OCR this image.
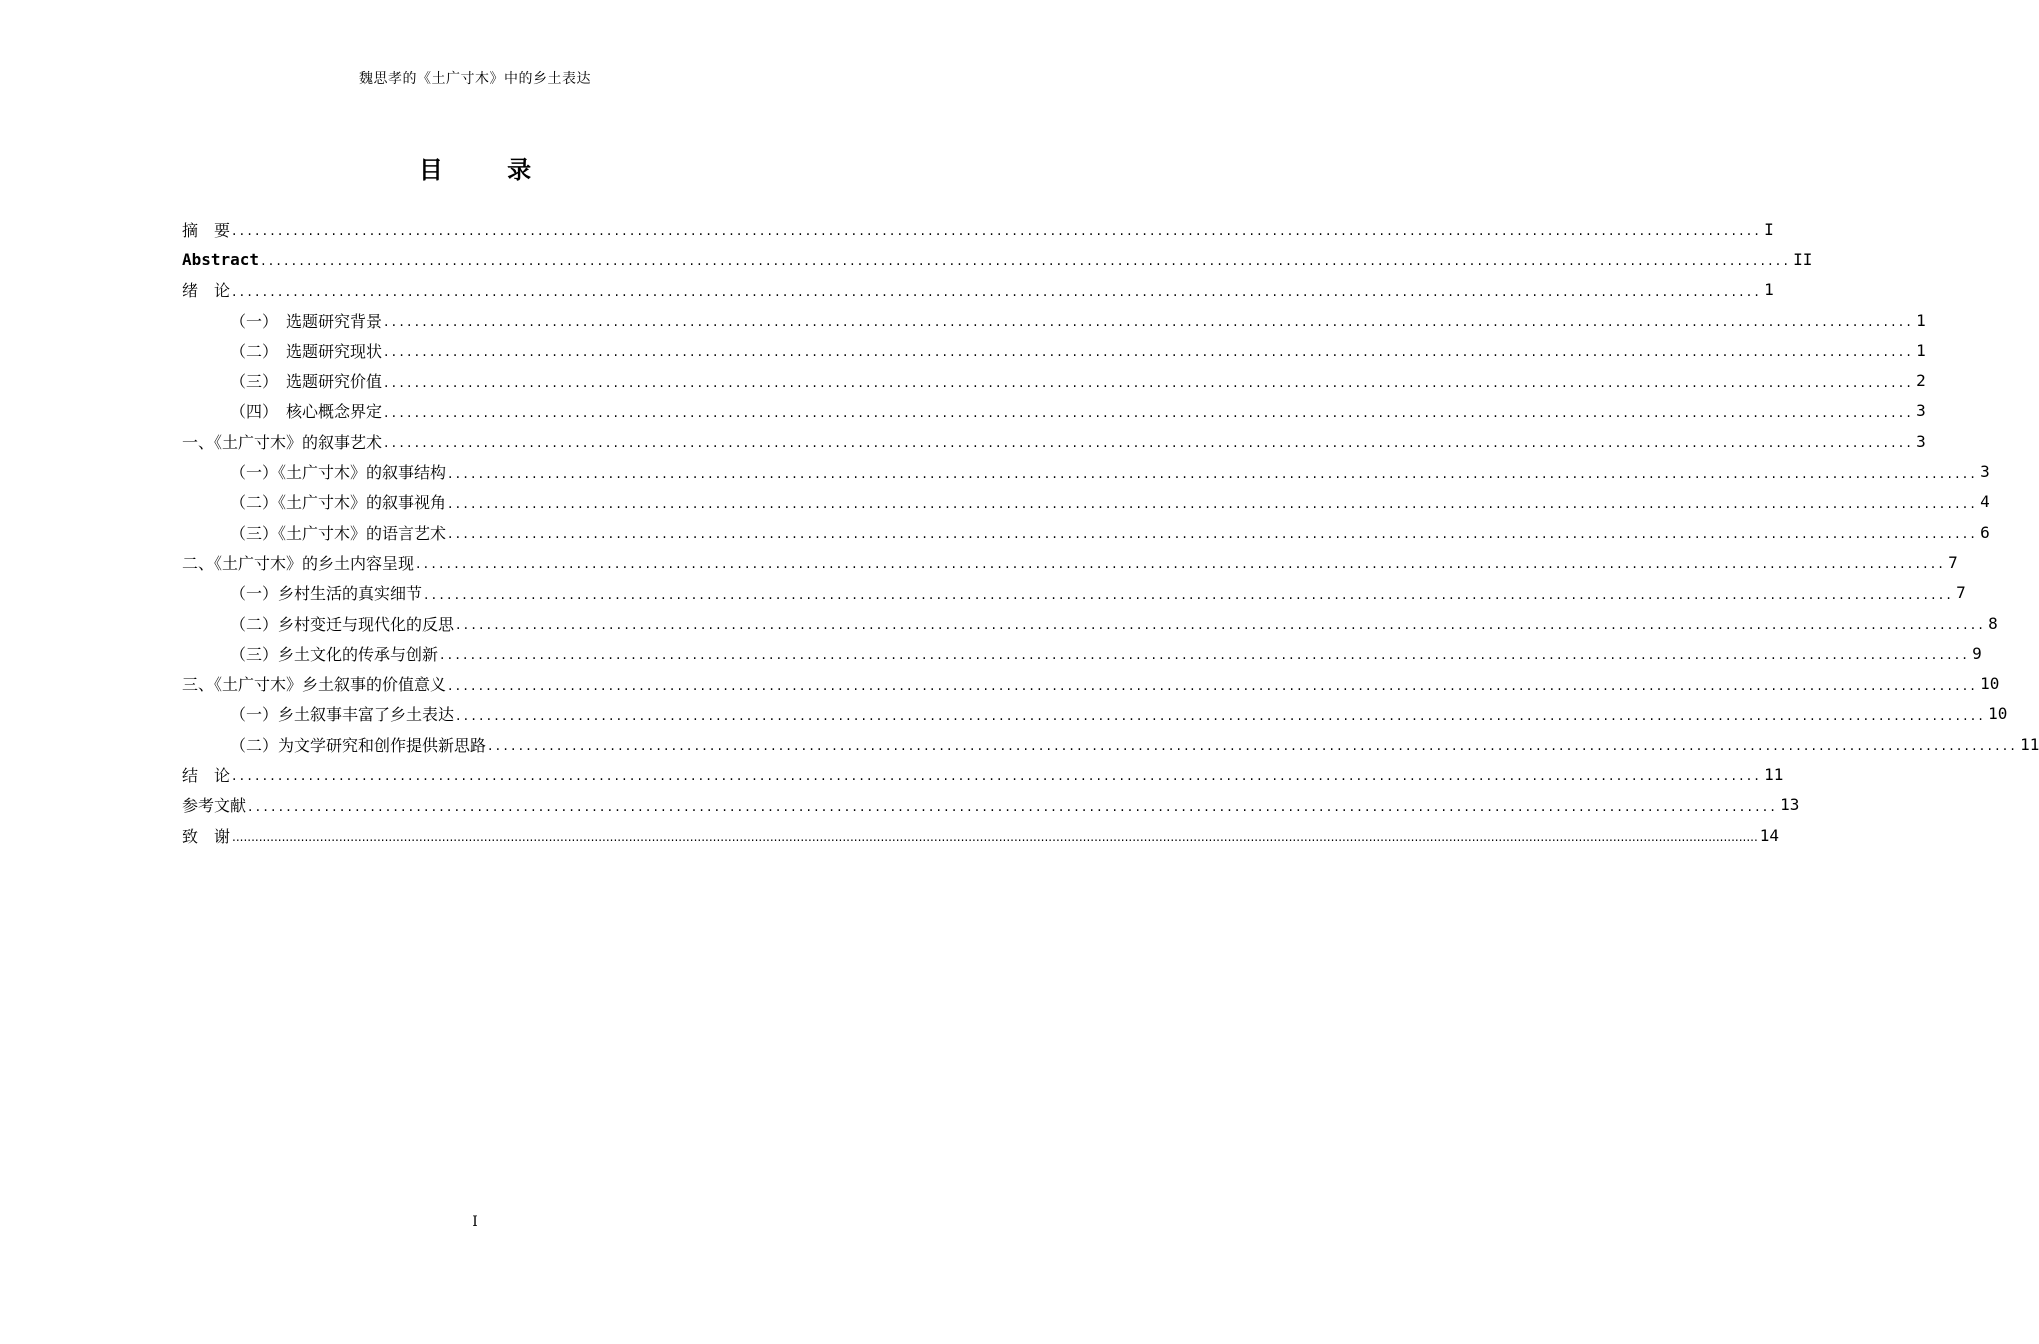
魏思孝的《土广寸木》中的乡土表达
目 录
摘　要 ........................................................................................................................................................................................................ I
Abstract ........................................................................................................................................................................................................ II
绪　论 ........................................................................................................................................................................................................ 1
（一）　选题研究背景 ........................................................................................................................................................................................................ 1
（二）　选题研究现状 ........................................................................................................................................................................................................ 1
（三）　选题研究价值 ........................................................................................................................................................................................................ 2
（四）　核心概念界定 ........................................................................................................................................................................................................ 3
一、《土广寸木》的叙事艺术 ........................................................................................................................................................................................................ 3
（一）《土广寸木》的叙事结构 ........................................................................................................................................................................................................ 3
（二）《土广寸木》的叙事视角 ........................................................................................................................................................................................................ 4
（三）《土广寸木》的语言艺术 ........................................................................................................................................................................................................ 6
二、《土广寸木》的乡土内容呈现 ........................................................................................................................................................................................................ 7
（一）乡村生活的真实细节 ........................................................................................................................................................................................................ 7
（二）乡村变迁与现代化的反思 ........................................................................................................................................................................................................ 8
（三）乡土文化的传承与创新 ........................................................................................................................................................................................................ 9
三、《土广寸木》乡土叙事的价值意义 ........................................................................................................................................................................................................ 10
（一）乡土叙事丰富了乡土表达 ........................................................................................................................................................................................................ 10
（二）为文学研究和创作提供新思路 ........................................................................................................................................................................................................ 11
结　论 ........................................................................................................................................................................................................ 11
参考文献 ........................................................................................................................................................................................................ 13
致　谢 ................................................................................................................................................................................................................................................................................................................................................................................................................ 14
I
